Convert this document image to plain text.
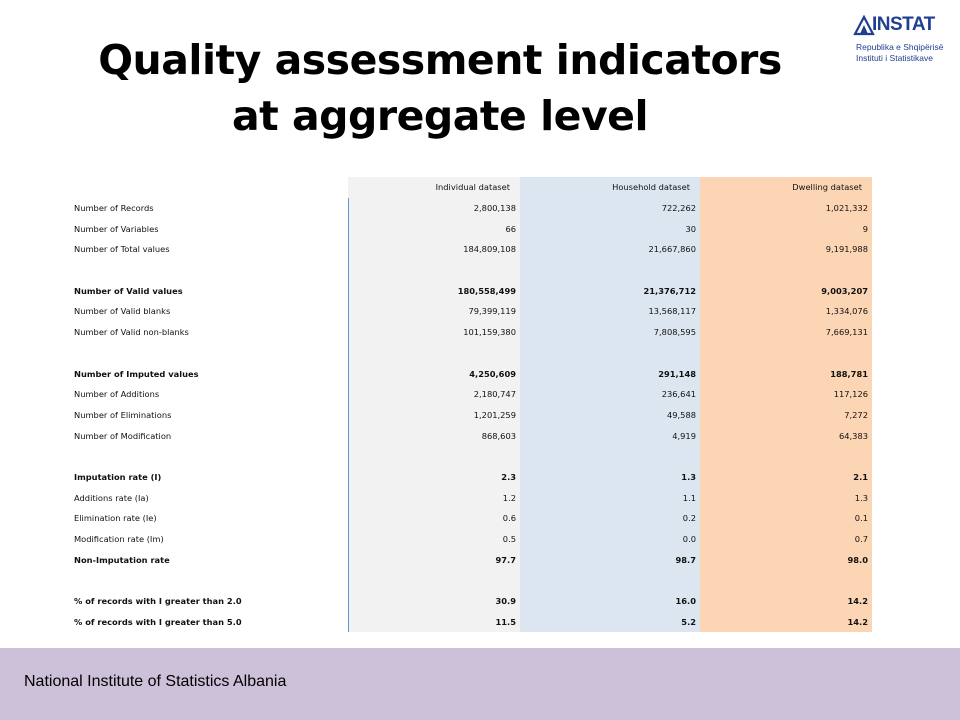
Quality assessment indicators
at aggregate level
INSTAT
Republika e Shqipërisë
Instituti i Statistikave
	Individual dataset	Household dataset	Dwelling dataset
Number of Records	2,800,138	722,262	1,021,332
Number of Variables	66	30	9
Number of Total values	184,809,108	21,667,860	9,191,988

Number of Valid values	180,558,499	21,376,712	9,003,207
Number of Valid blanks	79,399,119	13,568,117	1,334,076
Number of Valid non-blanks	101,159,380	7,808,595	7,669,131

Number of Imputed values	4,250,609	291,148	188,781
Number of Additions	2,180,747	236,641	117,126
Number of Eliminations	1,201,259	49,588	7,272
Number of Modification	868,603	4,919	64,383

Imputation rate (I)	2.3	1.3	2.1
Additions rate (Ia)	1.2	1.1	1.3
Elimination rate (Ie)	0.6	0.2	0.1
Modification rate (Im)	0.5	0.0	0.7
Non-Imputation rate	97.7	98.7	98.0

% of records with I greater than 2.0	30.9	16.0	14.2
% of records with I greater than 5.0	11.5	5.2	14.2
National Institute of Statistics Albania
